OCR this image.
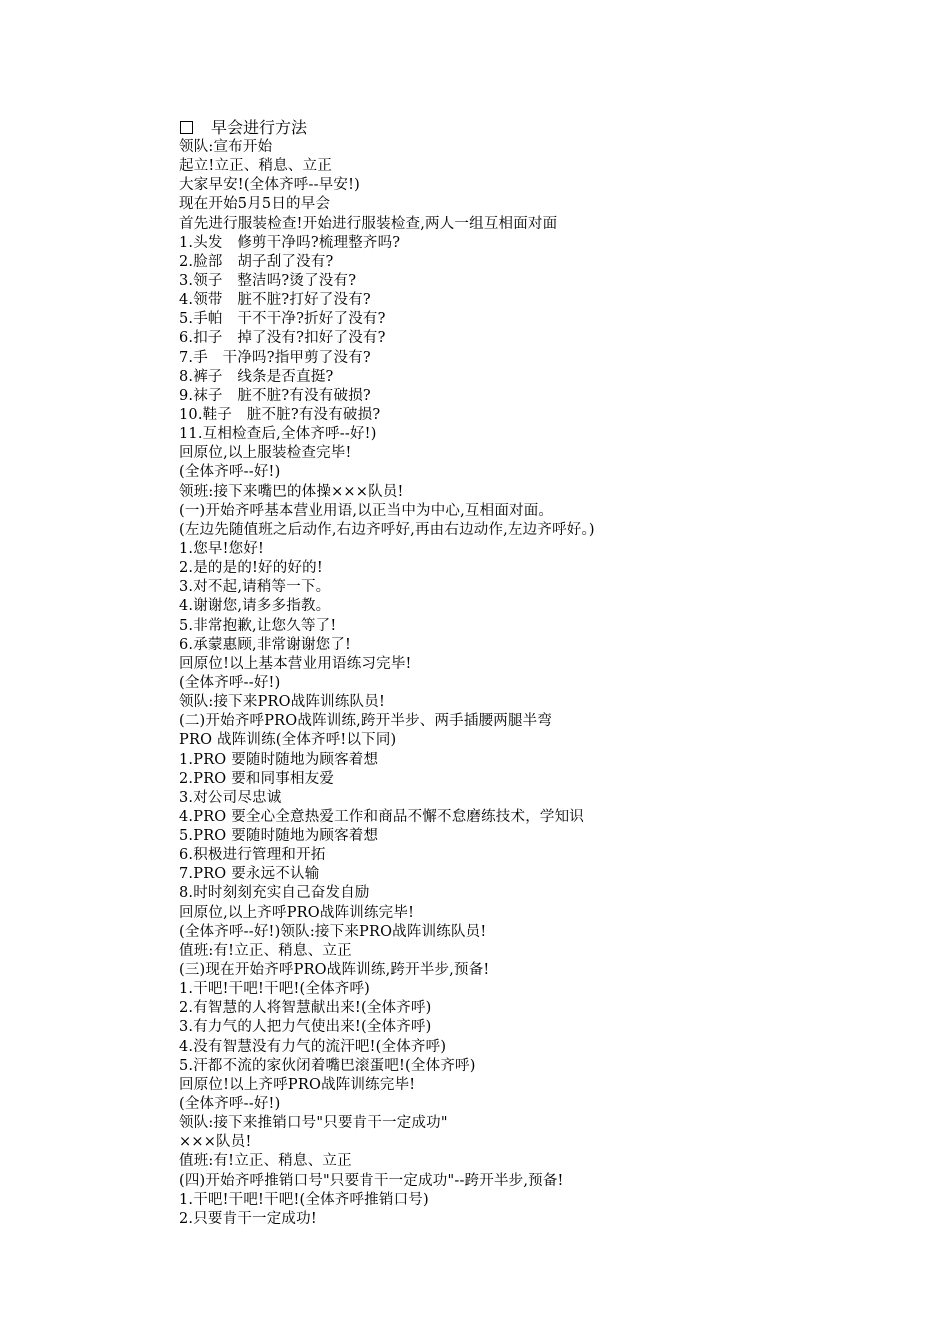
早会进行方法
领队:宣布开始
起立!立正、稍息、立正
大家早安!(全体齐呼--早安!)
现在开始5月5日的早会
首先进行服装检查!开始进行服装检查,两人一组互相面对面
1.头发　修剪干净吗?梳理整齐吗?
2.脸部　胡子刮了没有?
3.领子　整洁吗?烫了没有?
4.领带　脏不脏?打好了没有?
5.手帕　干不干净?折好了没有?
6.扣子　掉了没有?扣好了没有?
7.手　干净吗?指甲剪了没有?
8.裤子　线条是否直挺?
9.袜子　脏不脏?有没有破损?
10.鞋子　脏不脏?有没有破损?
11.互相检查后,全体齐呼--好!)
回原位,以上服装检查完毕!
(全体齐呼--好!)
领班:接下来嘴巴的体操×××队员!
(一)开始齐呼基本营业用语,以正当中为中心,互相面对面。
(左边先随值班之后动作,右边齐呼好,再由右边动作,左边齐呼好。)
1.您早!您好!
2.是的是的!好的好的!
3.对不起,请稍等一下。
4.谢谢您,请多多指教。
5.非常抱歉,让您久等了!
6.承蒙惠顾,非常谢谢您了!
回原位!以上基本营业用语练习完毕!
(全体齐呼--好!)
领队:接下来PRO战阵训练队员!
(二)开始齐呼PRO战阵训练,跨开半步、两手插腰两腿半弯
PRO 战阵训练(全体齐呼!以下同)
1.PRO 要随时随地为顾客着想
2.PRO 要和同事相友爱
3.对公司尽忠诚
4.PRO 要全心全意热爱工作和商品不懈不怠磨练技术，学知识
5.PRO 要随时随地为顾客着想
6.积极进行管理和开拓
7.PRO 要永远不认输
8.时时刻刻充实自己奋发自励
回原位,以上齐呼PRO战阵训练完毕!
(全体齐呼--好!)领队:接下来PRO战阵训练队员!
值班:有!立正、稍息、立正
(三)现在开始齐呼PRO战阵训练,跨开半步,预备!
1.干吧!干吧!干吧!(全体齐呼)
2.有智慧的人将智慧献出来!(全体齐呼)
3.有力气的人把力气使出来!(全体齐呼)
4.没有智慧没有力气的流汗吧!(全体齐呼)
5.汗都不流的家伙闭着嘴巴滚蛋吧!(全体齐呼)
回原位!以上齐呼PRO战阵训练完毕!
(全体齐呼--好!)
领队:接下来推销口号"只要肯干一定成功"
×××队员!
值班:有!立正、稍息、立正
(四)开始齐呼推销口号"只要肯干一定成功"--跨开半步,预备!
1.干吧!干吧!干吧!(全体齐呼推销口号)
2.只要肯干一定成功!
